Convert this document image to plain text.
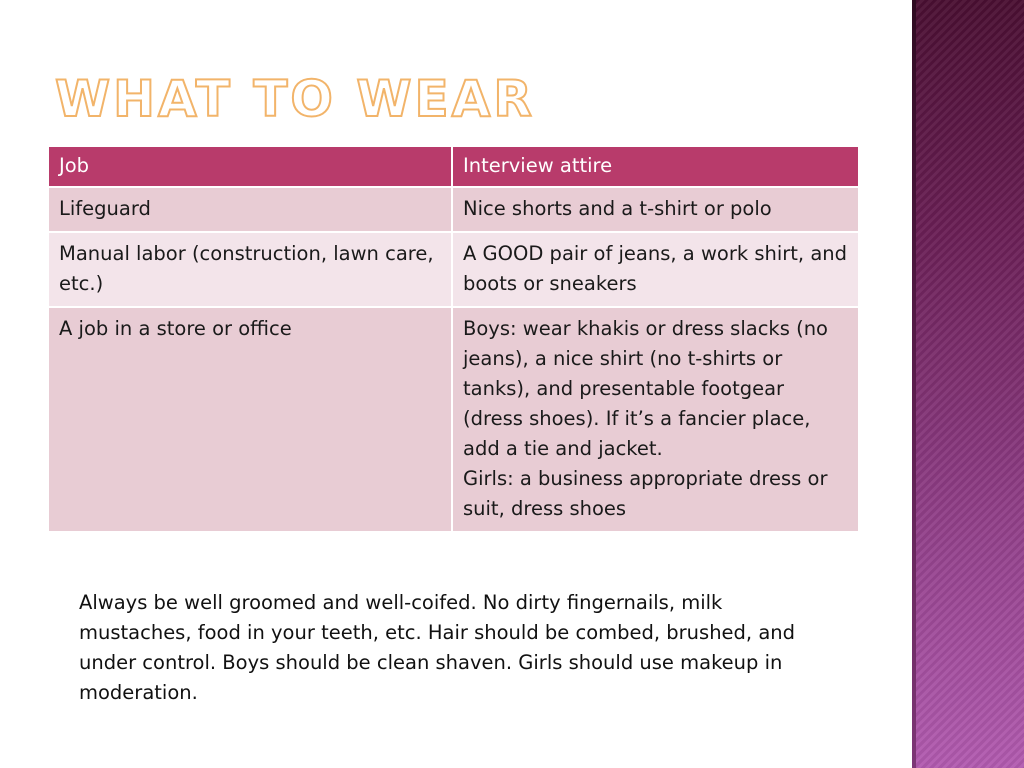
WHAT TO WEAR
Job	Interview attire

Lifeguard	Nice shorts and a t-shirt or polo

Manual labor (construction, lawn care, etc.)	A GOOD pair of jeans, a work shirt, and boots or sneakers

A job in a store or office	Boys: wear khakis or dress slacks (no jeans), a nice shirt (no t-shirts or tanks), and presentable footgear (dress shoes). If it’s a fancier place, add a tie and jacket.
Girls: a business appropriate dress or suit, dress shoes

Always be well groomed and well-coifed. No dirty fingernails, milk mustaches, food in your teeth, etc. Hair should be combed, brushed, and under control. Boys should be clean shaven. Girls should use makeup in moderation.
